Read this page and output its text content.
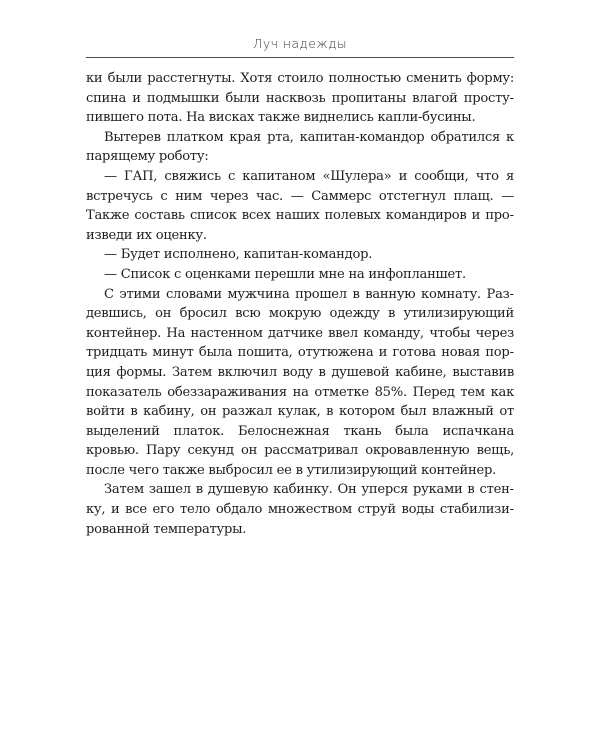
Луч надежды

ки были расстегнуты. Хотя стоило полностью сменить форму: спина и подмышки были насквозь пропитаны влагой проступившего пота. На висках также виднелись капли-бусины.

Вытерев платком края рта, капитан-командор обратился к парящему роботу:

— ГАП, свяжись с капитаном «Шулера» и сообщи, что я встречусь с ним через час. — Саммерс отстегнул плащ. — Также составь список всех наших полевых командиров и произведи их оценку.

— Будет исполнено, капитан-командор.

— Список с оценками перешли мне на инфопланшет.

С этими словами мужчина прошел в ванную комнату. Раздевшись, он бросил всю мокрую одежду в утилизирующий контейнер. На настенном датчике ввел команду, чтобы через тридцать минут была пошита, отутюжена и готова новая порция формы. Затем включил воду в душевой кабине, выставив показатель обеззараживания на отметке 85%. Перед тем как войти в кабину, он разжал кулак, в котором был влажный от выделений платок. Белоснежная ткань была испачкана кровью. Пару секунд он рассматривал окровавленную вещь, после чего также выбросил ее в утилизирующий контейнер.

Затем зашел в душевую кабинку. Он уперся руками в стенку, и все его тело обдало множеством струй воды стабилизированной температуры.
